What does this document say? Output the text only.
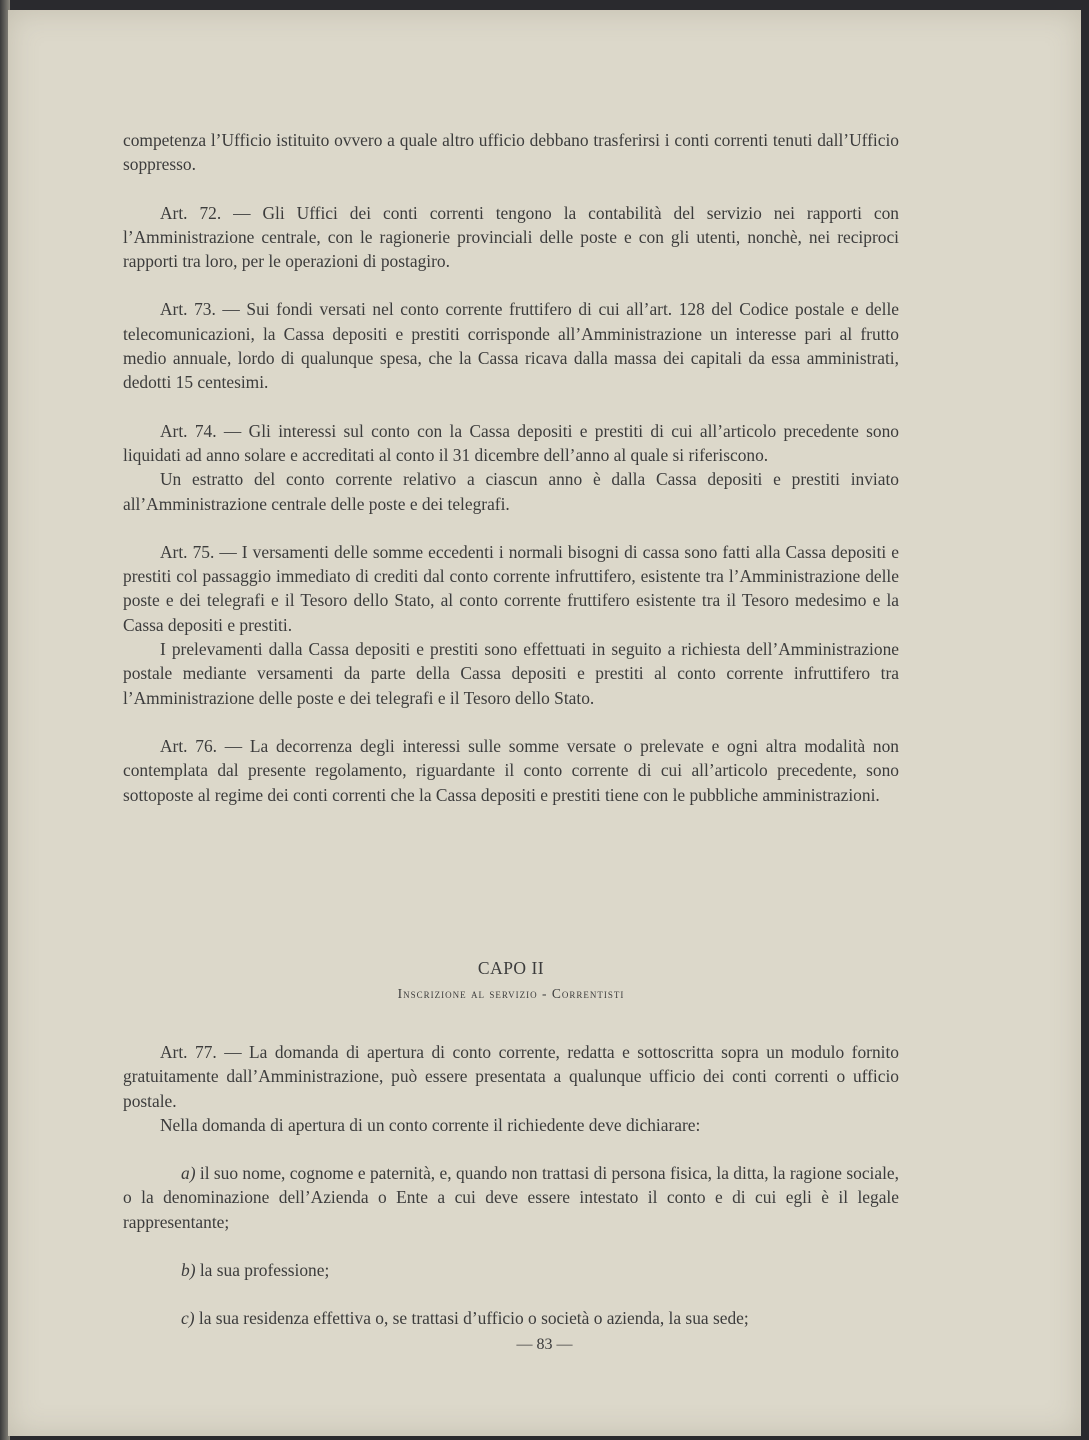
competenza l’Ufficio istituito ovvero a quale altro ufficio debbano trasferirsi i conti correnti tenuti dall’Ufficio soppresso.

Art. 72. — Gli Uffici dei conti correnti tengono la contabilità del servizio nei rapporti con l’Amministrazione centrale, con le ragionerie provinciali delle poste e con gli utenti, nonchè, nei reciproci rapporti tra loro, per le operazioni di postagiro.

Art. 73. — Sui fondi versati nel conto corrente fruttifero di cui all’art. 128 del Codice postale e delle telecomunicazioni, la Cassa depositi e prestiti corrisponde all’Amministrazione un interesse pari al frutto medio annuale, lordo di qualunque spesa, che la Cassa ricava dalla massa dei capitali da essa amministrati, dedotti 15 centesimi.

Art. 74. — Gli interessi sul conto con la Cassa depositi e prestiti di cui all’articolo precedente sono liquidati ad anno solare e accreditati al conto il 31 dicembre dell’anno al quale si riferiscono.

Un estratto del conto corrente relativo a ciascun anno è dalla Cassa depositi e prestiti inviato all’Amministrazione centrale delle poste e dei telegrafi.

Art. 75. — I versamenti delle somme eccedenti i normali bisogni di cassa sono fatti alla Cassa depositi e prestiti col passaggio immediato di crediti dal conto corrente infruttifero, esistente tra l’Amministrazione delle poste e dei telegrafi e il Tesoro dello Stato, al conto corrente fruttifero esistente tra il Tesoro medesimo e la Cassa depositi e prestiti.

I prelevamenti dalla Cassa depositi e prestiti sono effettuati in seguito a richiesta dell’Amministrazione postale mediante versamenti da parte della Cassa depositi e prestiti al conto corrente infruttifero tra l’Amministrazione delle poste e dei telegrafi e il Tesoro dello Stato.

Art. 76. — La decorrenza degli interessi sulle somme versate o prelevate e ogni altra modalità non contemplata dal presente regolamento, riguardante il conto corrente di cui all’articolo precedente, sono sottoposte al regime dei conti correnti che la Cassa depositi e prestiti tiene con le pubbliche amministrazioni.

CAPO II
Inscrizione al servizio - Correntisti

Art. 77. — La domanda di apertura di conto corrente, redatta e sottoscritta sopra un modulo fornito gratuitamente dall’Amministrazione, può essere presentata a qualunque ufficio dei conti correnti o ufficio postale.

Nella domanda di apertura di un conto corrente il richiedente deve dichiarare:

a) il suo nome, cognome e paternità, e, quando non trattasi di persona fisica, la ditta, la ragione sociale, o la denominazione dell’Azienda o Ente a cui deve essere intestato il conto e di cui egli è il legale rappresentante;

b) la sua professione;

c) la sua residenza effettiva o, se trattasi d’ufficio o società o azienda, la sua sede;

— 83 —
